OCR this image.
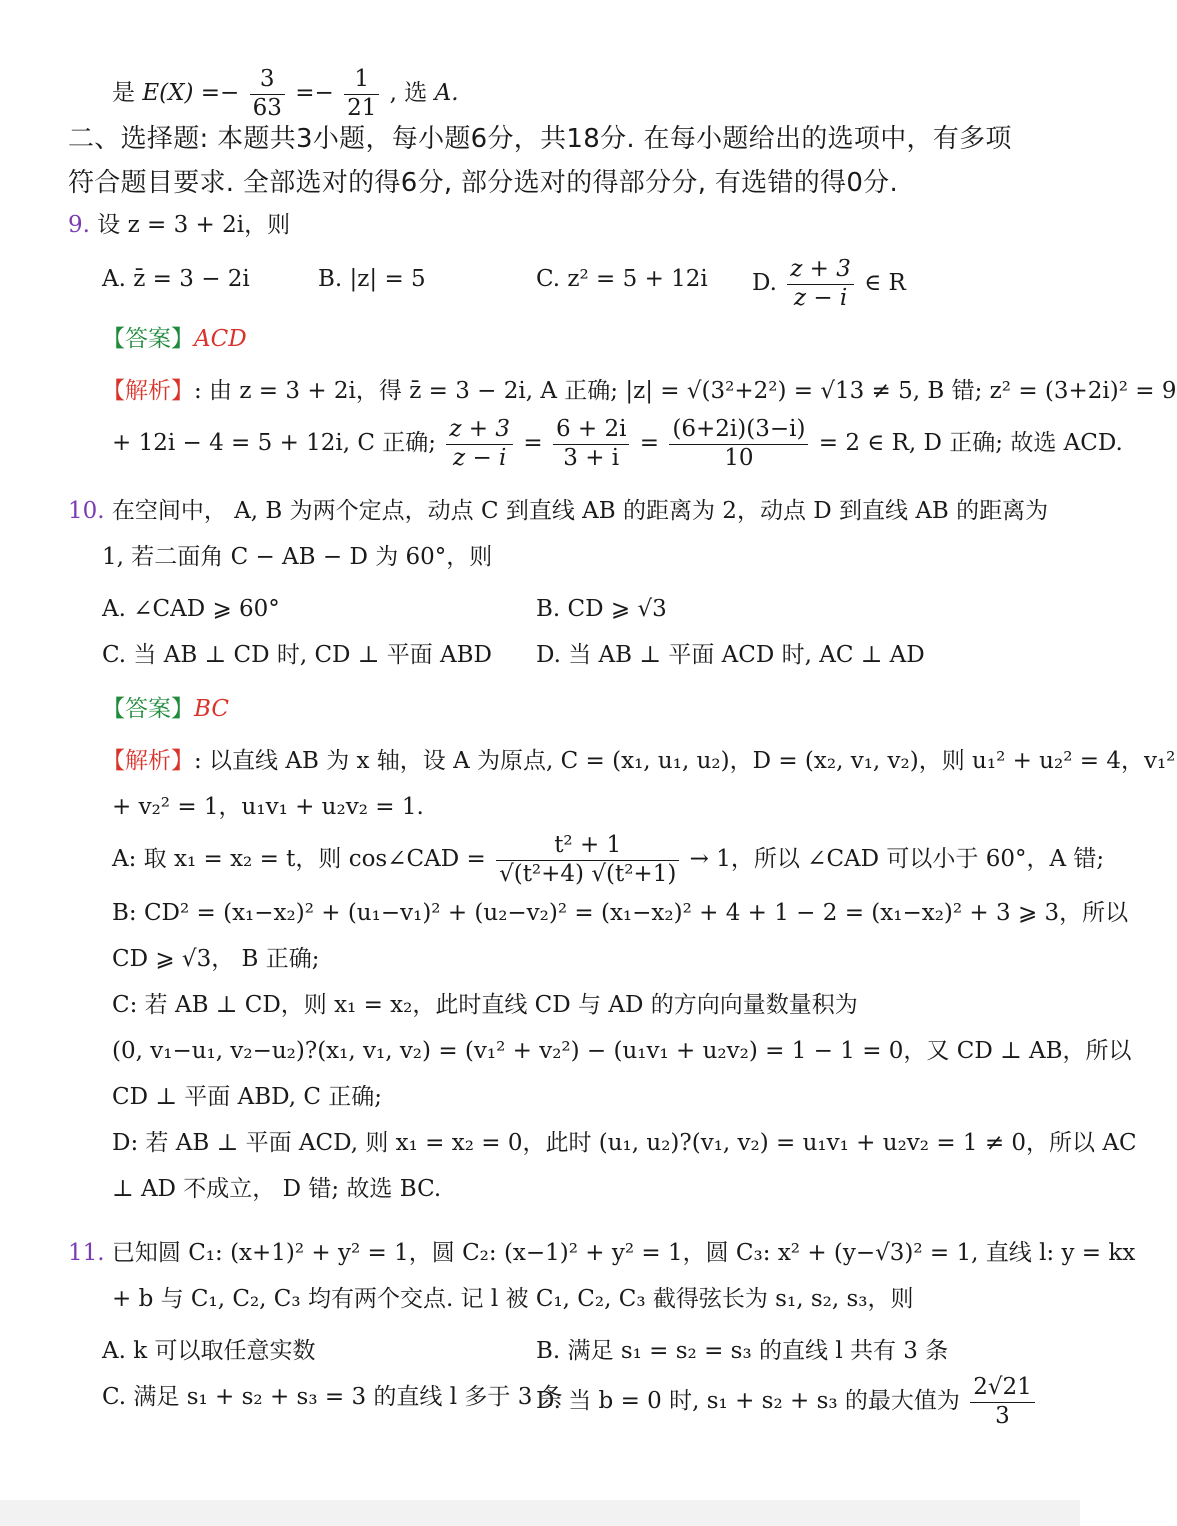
是 $E(X) =- \frac{3}{63} =- \frac{1}{21}$ , 选 A.
二、选择题: 本题共3小题，每小题6分，共18分. 在每小题给出的选项中，有多项
符合题目要求. 全部选对的得6分, 部分选对的得部分分, 有选错的得0分.
9. 设 z = 3 + 2i，则
A. z̄ = 3 − 2i	B. |z| = 5	C. z² = 5 + 12i D. $\frac{z + 3}{z - i}$ ∈ R
【答案】ACD
【解析】: 由 z = 3 + 2i，得 z̄ = 3 − 2i, A 正确; |z| = √(3²+2²) = √13 ≠ 5, B 错; z² = (3+2i)² = 9
+ 12i − 4 = 5 + 12i, C 正确; $\frac{z + 3}{z - i} = \frac{6 + 2i}{3 + i} = \frac{(6+2i)(3-i)}{10} = 2$ ∈ R, D 正确; 故选 ACD.
10. 在空间中， A, B 为两个定点，动点 C 到直线 AB 的距离为 2，动点 D 到直线 AB 的距离为
1, 若二面角 C − AB − D 为 60°，则
A. ∠CAD ⩾ 60°	B. CD ⩾ √3
C. 当 AB ⊥ CD 时, CD ⊥ 平面 ABD D. 当 AB ⊥ 平面 ACD 时, AC ⊥ AD
【答案】BC
【解析】: 以直线 AB 为 x 轴，设 A 为原点, C = (x₁, u₁, u₂)，D = (x₂, v₁, v₂)，则 u₁² + u₂² = 4，v₁²
+ v₂² = 1，u₁v₁ + u₂v₂ = 1.
A: 取 x₁ = x₂ = t，则 cos∠CAD = $\frac{\text{t² + 1}}{\text{√(t²+4) √(t²+1)}} \to 1$，所以 ∠CAD 可以小于 60°，A 错;
B: CD² = (x₁−x₂)² + (u₁−v₁)² + (u₂−v₂)² = (x₁−x₂)² + 4 + 1 − 2 = (x₁−x₂)² + 3 ⩾ 3，所以
CD ⩾ √3， B 正确;
C: 若 AB ⊥ CD，则 x₁ = x₂，此时直线 CD 与 AD 的方向向量数量积为
(0, v₁−u₁, v₂−u₂)?(x₁, v₁, v₂) = (v₁² + v₂²) − (u₁v₁ + u₂v₂) = 1 − 1 = 0，又 CD ⊥ AB，所以
CD ⊥ 平面 ABD, C 正确;
D: 若 AB ⊥ 平面 ACD, 则 x₁ = x₂ = 0，此时 (u₁, u₂)?(v₁, v₂) = u₁v₁ + u₂v₂ = 1 ≠ 0，所以 AC
⊥ AD 不成立， D 错; 故选 BC.
11. 已知圆 C₁: (x+1)² + y² = 1，圆 C₂: (x−1)² + y² = 1，圆 C₃: x² + (y−√3)² = 1, 直线 l: y = kx
+ b 与 C₁, C₂, C₃ 均有两个交点. 记 l 被 C₁, C₂, C₃ 截得弦长为 s₁, s₂, s₃，则
A. k 可以取任意实数	B. 满足 s₁ = s₂ = s₃ 的直线 l 共有 3 条
C. 满足 s₁ + s₂ + s₃ = 3 的直线 l 多于 3 条
D. 当 b = 0 时, s₁ + s₂ + s₃ 的最大值为 $\frac{2√21}{3}$
